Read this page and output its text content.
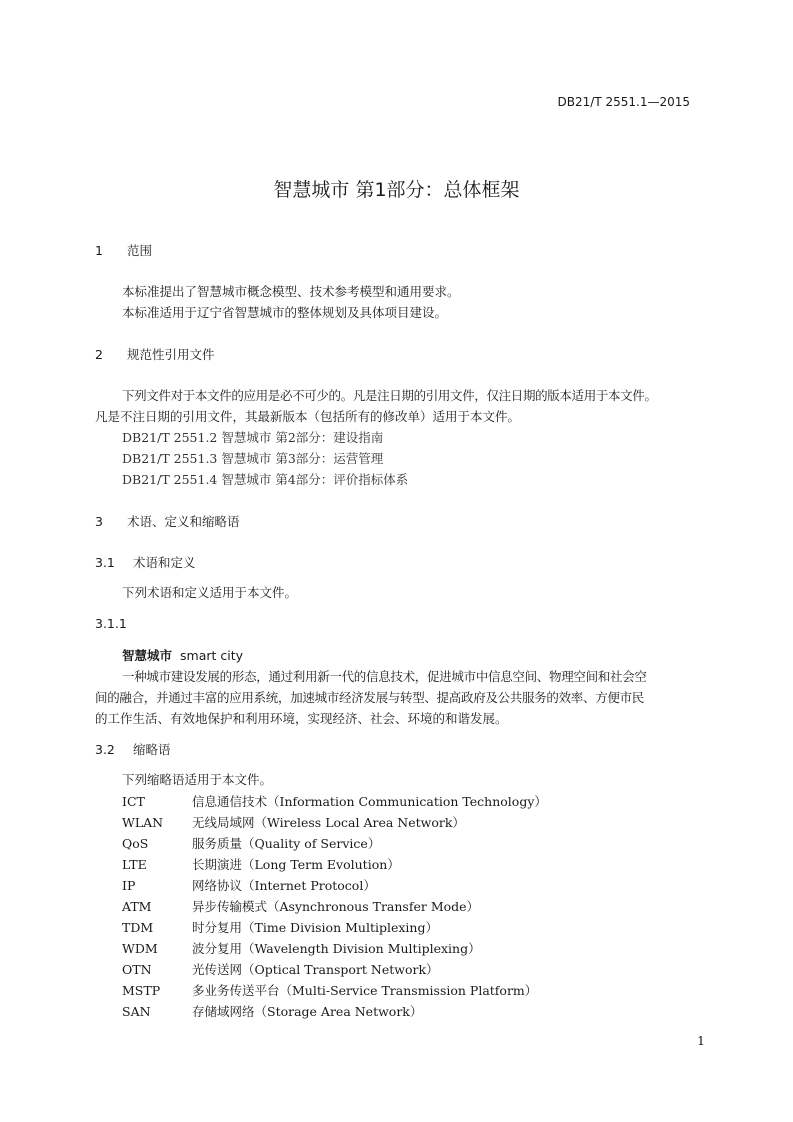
DB21/T 2551.1—2015
智慧城市 第1部分：总体框架
1 范围
本标准提出了智慧城市概念模型、技术参考模型和通用要求。
本标准适用于辽宁省智慧城市的整体规划及具体项目建设。
2 规范性引用文件
下列文件对于本文件的应用是必不可少的。凡是注日期的引用文件，仅注日期的版本适用于本文件。
凡是不注日期的引用文件，其最新版本（包括所有的修改单）适用于本文件。
DB21/T 2551.2 智慧城市 第2部分：建设指南
DB21/T 2551.3 智慧城市 第3部分：运营管理
DB21/T 2551.4 智慧城市 第4部分：评价指标体系
3 术语、定义和缩略语
3.1 术语和定义
下列术语和定义适用于本文件。
3.1.1
智慧城市 smart city
一种城市建设发展的形态，通过利用新一代的信息技术，促进城市中信息空间、物理空间和社会空
间的融合，并通过丰富的应用系统，加速城市经济发展与转型、提高政府及公共服务的效率、方便市民
的工作生活、有效地保护和利用环境，实现经济、社会、环境的和谐发展。
3.2 缩略语
下列缩略语适用于本文件。
ICT	信息通信技术（Information Communication Technology）
WLAN 无线局域网（Wireless Local Area Network）
QoS	服务质量（Quality of Service）
LTE	长期演进（Long Term Evolution）
IP	网络协议（Internet Protocol）
ATM	异步传输模式（Asynchronous Transfer Mode）
TDM	时分复用（Time Division Multiplexing）
WDM	波分复用（Wavelength Division Multiplexing）
OTN	光传送网（Optical Transport Network）
MSTP	多业务传送平台（Multi-Service Transmission Platform）
SAN	存储域网络（Storage Area Network）
1
